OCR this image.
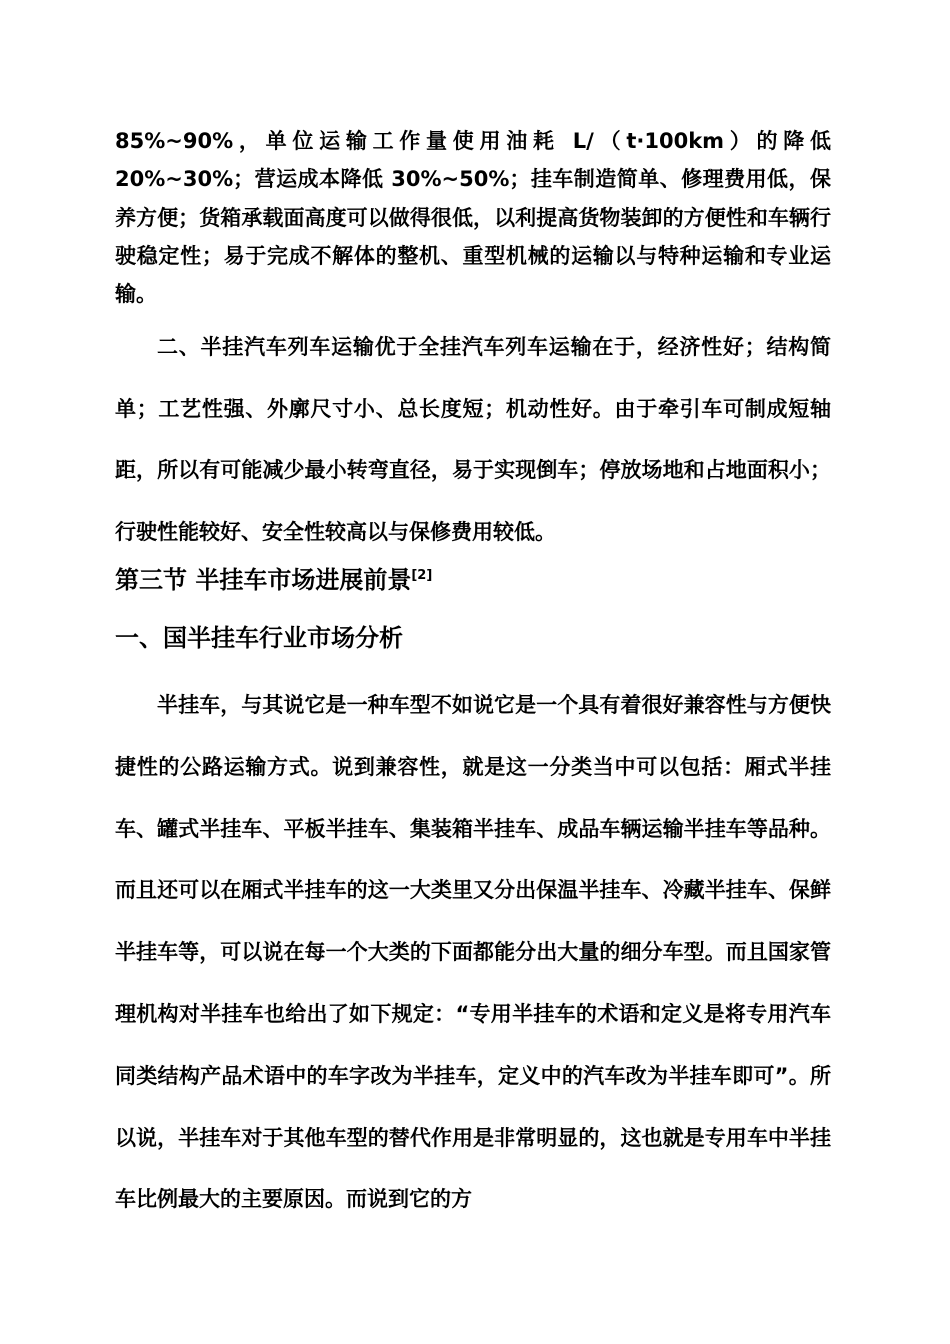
85%~90%，单位运输工作量使用油耗 L/（t·100km）的降低 20%~30%；营运成本降低 30%~50%；挂车制造简单、修理费用低，保养方便；货箱承载面高度可以做得很低，以利提高货物装卸的方便性和车辆行驶稳定性；易于完成不解体的整机、重型机械的运输以与特种运输和专业运输。

二、半挂汽车列车运输优于全挂汽车列车运输在于，经济性好；结构简单；工艺性强、外廓尺寸小、总长度短；机动性好。由于牵引车可制成短轴距，所以有可能减少最小转弯直径，易于实现倒车；停放场地和占地面积小；行驶性能较好、安全性较高以与保修费用较低。

第三节 半挂车市场进展前景[2]
一、国半挂车行业市场分析

半挂车，与其说它是一种车型不如说它是一个具有着很好兼容性与方便快捷性的公路运输方式。说到兼容性，就是这一分类当中可以包括：厢式半挂车、罐式半挂车、平板半挂车、集装箱半挂车、成品车辆运输半挂车等品种。而且还可以在厢式半挂车的这一大类里又分出保温半挂车、冷藏半挂车、保鲜半挂车等，可以说在每一个大类的下面都能分出大量的细分车型。而且国家管理机构对半挂车也给出了如下规定：“专用半挂车的术语和定义是将专用汽车同类结构产品术语中的车字改为半挂车，定义中的汽车改为半挂车即可”。所以说，半挂车对于其他车型的替代作用是非常明显的，这也就是专用车中半挂车比例最大的主要原因。而说到它的方
